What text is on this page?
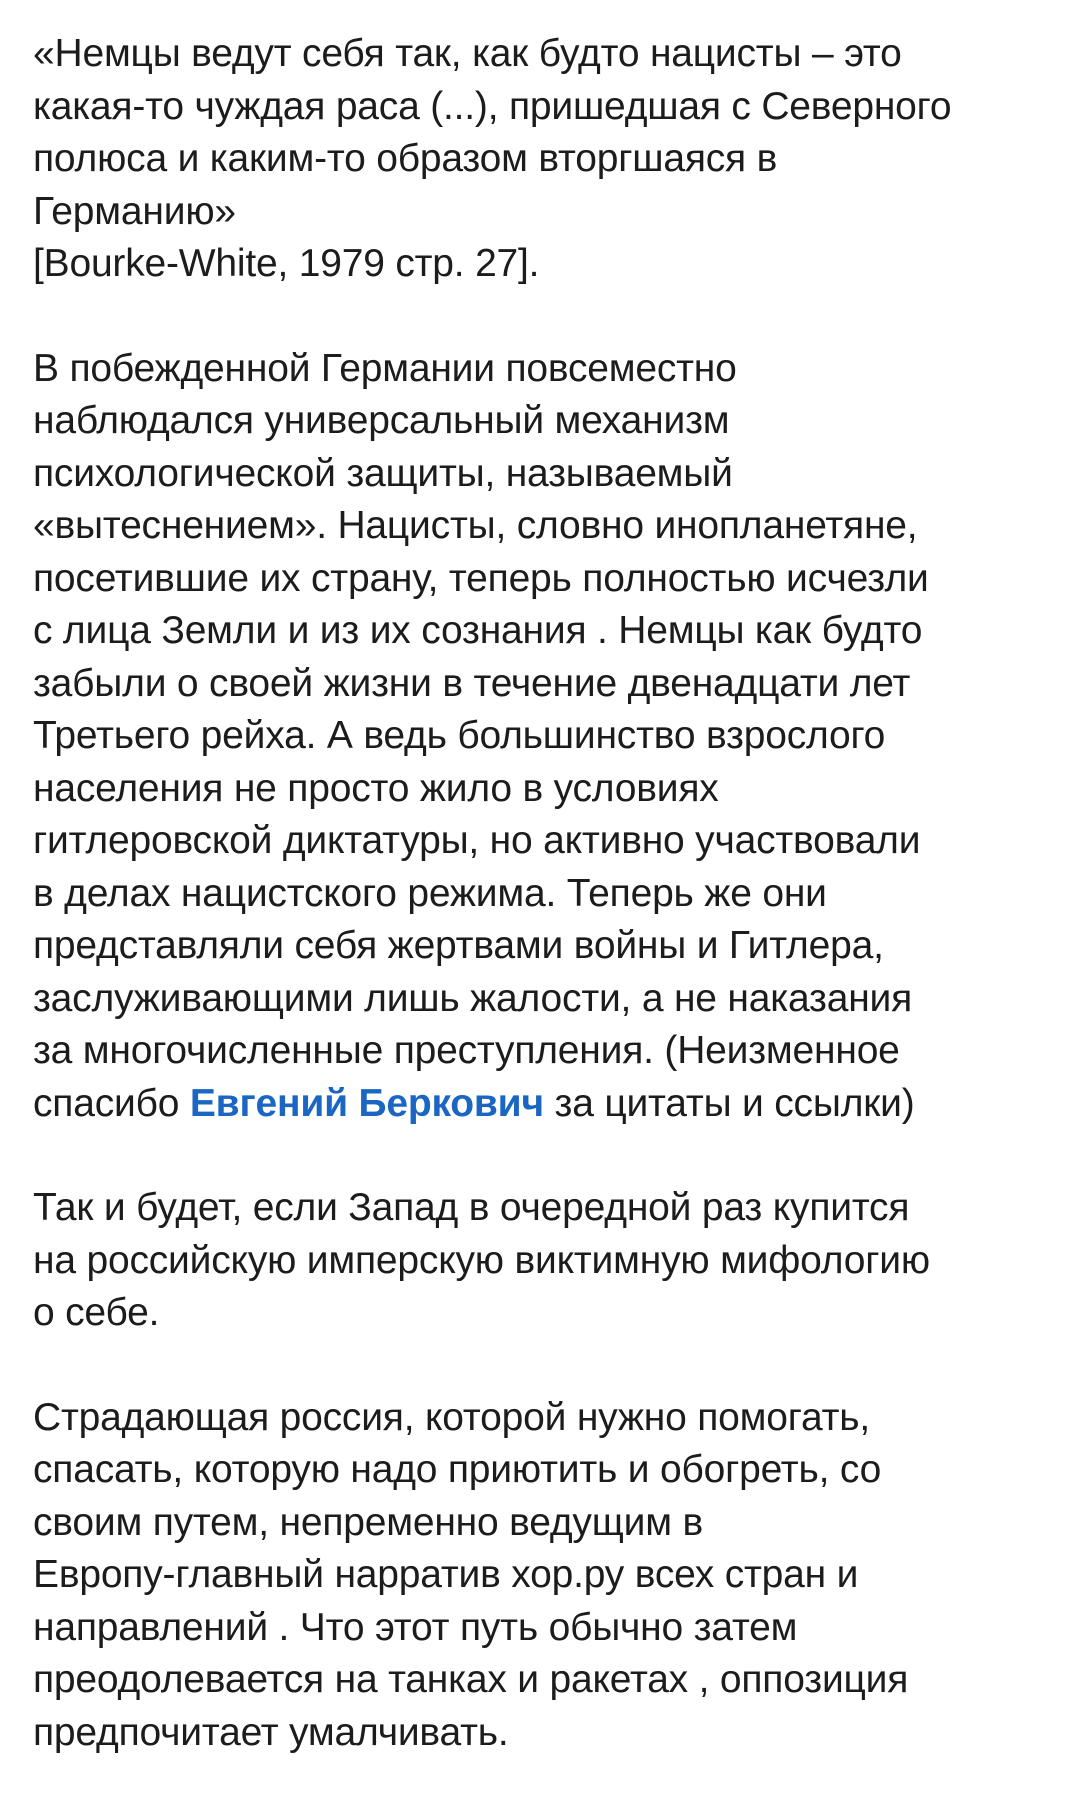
«Немцы ведут себя так, как будто нацисты – это
какая-то чуждая раса (...), пришедшая с Северного
полюса и каким-то образом вторгшаяся в
Германию»
[Bourke-White, 1979 стр. 27].
В побежденной Германии повсеместно
наблюдался универсальный механизм
психологической защиты, называемый
«вытеснением». Нацисты, словно инопланетяне,
посетившие их страну, теперь полностью исчезли
с лица Земли и из их сознания . Немцы как будто
забыли о своей жизни в течение двенадцати лет
Третьего рейха. А ведь большинство взрослого
населения не просто жило в условиях
гитлеровской диктатуры, но активно участвовали
в делах нацистского режима. Теперь же они
представляли себя жертвами войны и Гитлера,
заслуживающими лишь жалости, а не наказания
за многочисленные преступления. (Неизменное
спасибо Евгений Беркович за цитаты и ссылки)
Так и будет, если Запад в очередной раз купится
на российскую имперскую виктимную мифологию
о себе.
Страдающая россия, которой нужно помогать,
спасать, которую надо приютить и обогреть, со
своим путем, непременно ведущим в
Европу-главный нарратив хор.ру всех стран и
направлений . Что этот путь обычно затем
преодолевается на танках и ракетах , оппозиция
предпочитает умалчивать.
